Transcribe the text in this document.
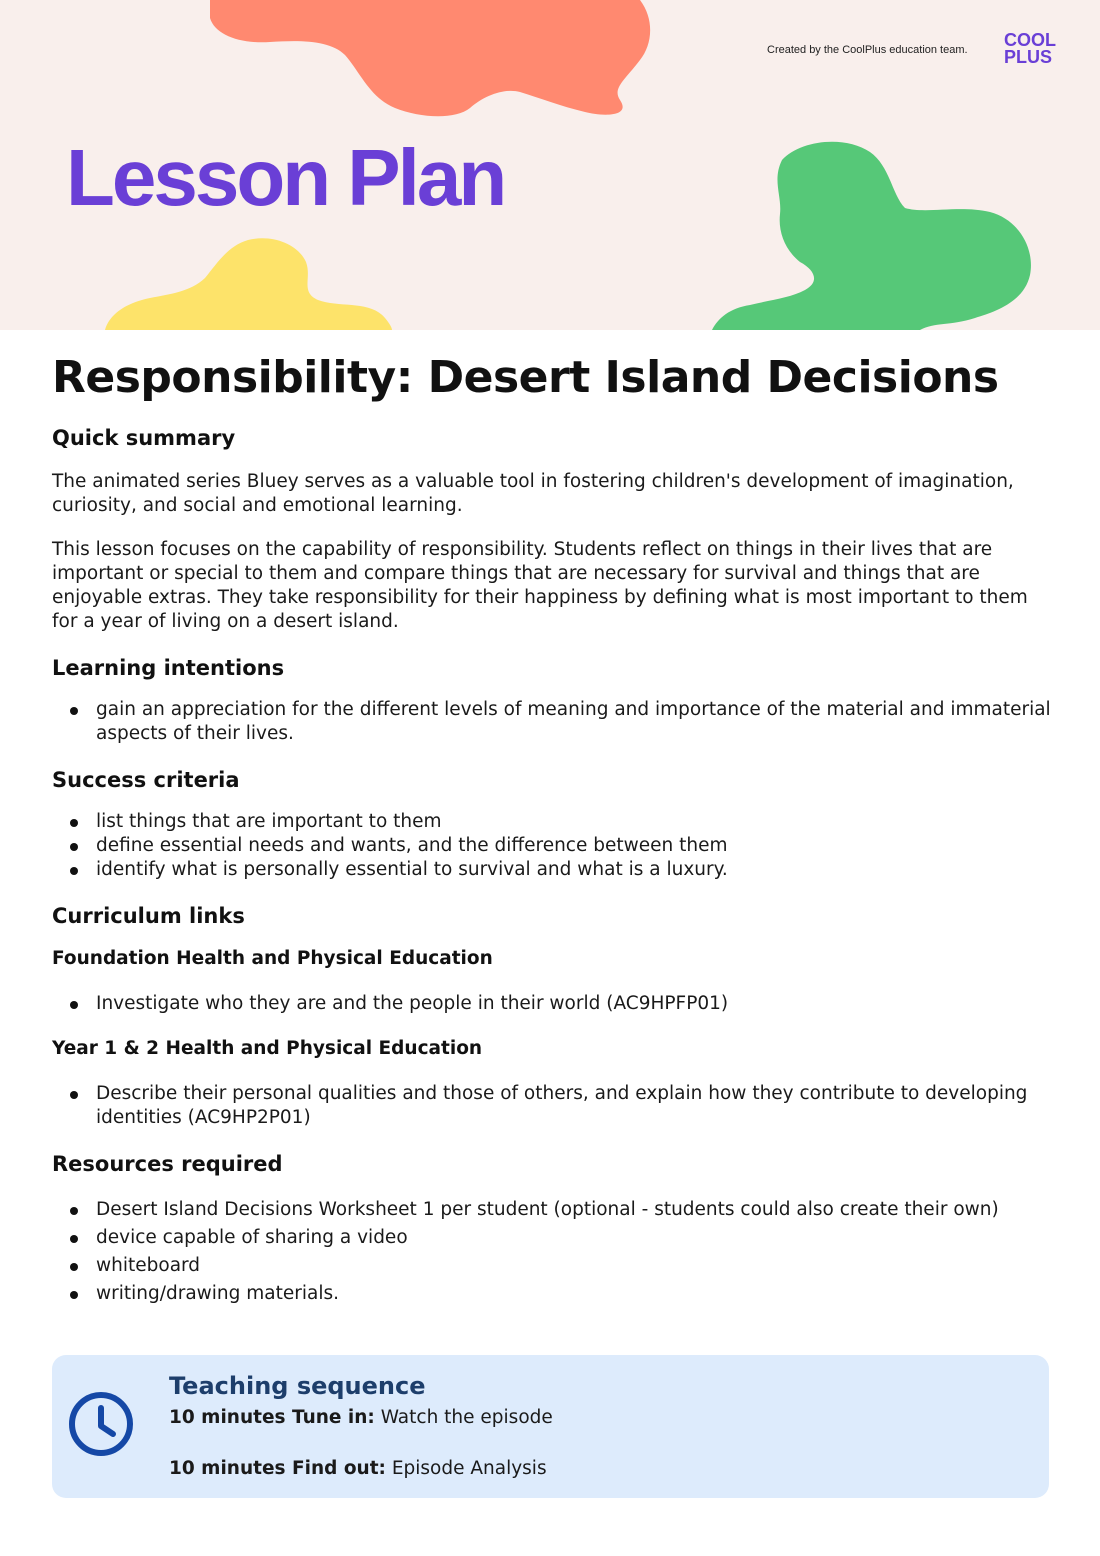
Created by the CoolPlus education team. COOL
PLUS
Lesson Plan
Responsibility: Desert Island Decisions
Quick summary

The animated series Bluey serves as a valuable tool in fostering children's development of imagination, curiosity, and social and emotional learning.

This lesson focuses on the capability of responsibility. Students reflect on things in their lives that are important or special to them and compare things that are necessary for survival and things that are enjoyable extras. They take responsibility for their happiness by defining what is most important to them for a year of living on a desert island.

Learning intentions
gain an appreciation for the different levels of meaning and importance of the material and immaterial aspects of their lives.
Success criteria
list things that are important to them
define essential needs and wants, and the difference between them
identify what is personally essential to survival and what is a luxury.
Curriculum links
Foundation Health and Physical Education
Investigate who they are and the people in their world (AC9HPFP01)
Year 1 & 2 Health and Physical Education
Describe their personal qualities and those of others, and explain how they contribute to developing identities (AC9HP2P01)
Resources required
Desert Island Decisions Worksheet 1 per student (optional - students could also create their own)
device capable of sharing a video
whiteboard
writing/drawing materials.
Teaching sequence
10 minutes Tune in: Watch the episode
10 minutes Find out: Episode Analysis
